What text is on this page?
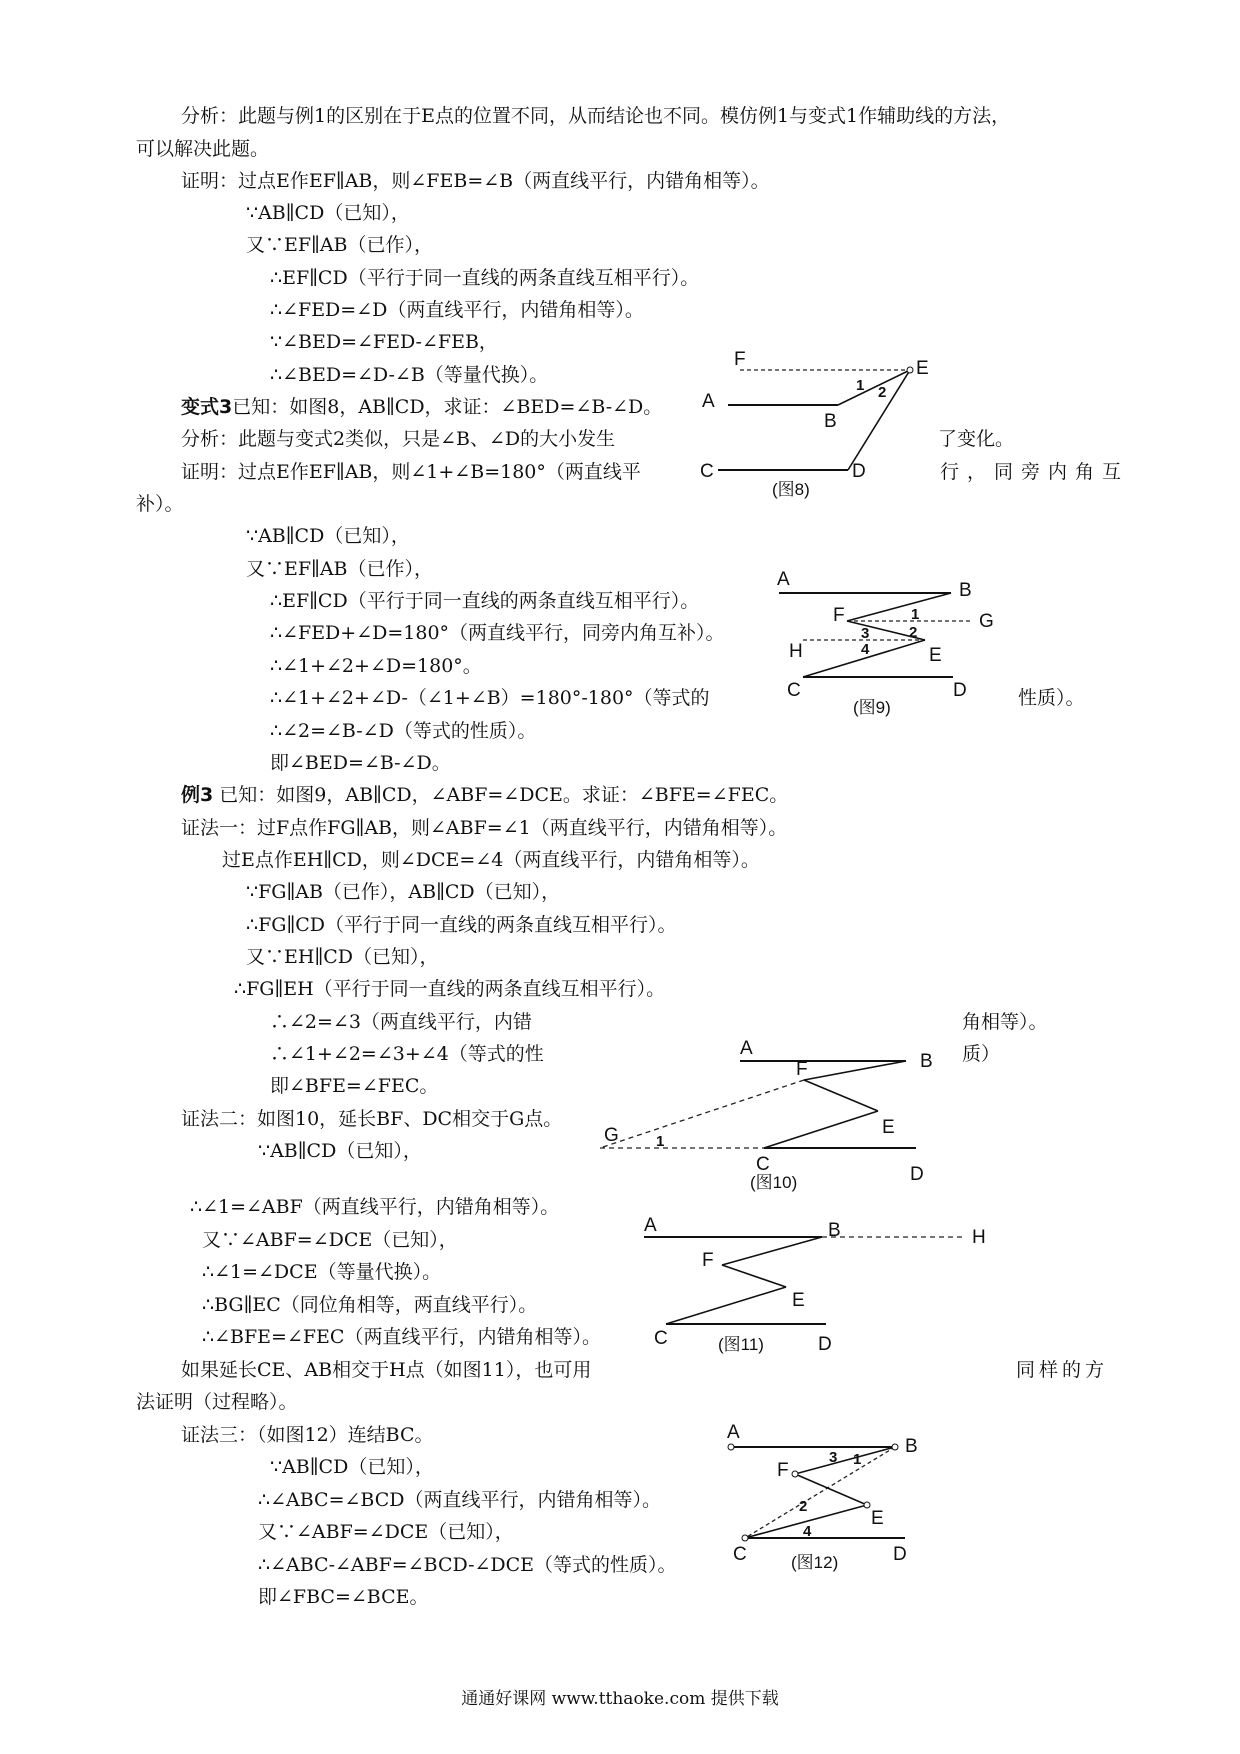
分析：此题与例1的区别在于E点的位置不同，从而结论也不同。模仿例1与变式1作辅助线的方法，
可以解决此题。
证明：过点E作EF∥AB，则∠FEB=∠B（两直线平行，内错角相等）。
∵AB∥CD（已知），
又∵EF∥AB（已作），
∴EF∥CD（平行于同一直线的两条直线互相平行）。
∴∠FED=∠D（两直线平行，内错角相等）。
∵∠BED=∠FED-∠FEB，
∴∠BED=∠D-∠B（等量代换）。
变式3已知：如图8，AB∥CD，求证：∠BED=∠B-∠D。
分析：此题与变式2类似，只是∠B、∠D的大小发生	了变化。
证明：过点E作EF∥AB，则∠1+∠B=180°（两直线平	行，同旁内角互
补）。
∵AB∥CD（已知），
又∵EF∥AB（已作），
∴EF∥CD（平行于同一直线的两条直线互相平行）。
∴∠FED+∠D=180°（两直线平行，同旁内角互补）。
∴∠1+∠2+∠D=180°。
∴∠1+∠2+∠D-（∠1+∠B）=180°-180°（等式的	性质）。
∴∠2=∠B-∠D（等式的性质）。
即∠BED=∠B-∠D。
例3 已知：如图9，AB∥CD，∠ABF=∠DCE。求证：∠BFE=∠FEC。
证法一：过F点作FG∥AB，则∠ABF=∠1（两直线平行，内错角相等）。
过E点作EH∥CD，则∠DCE=∠4（两直线平行，内错角相等）。
∵FG∥AB（已作），AB∥CD（已知），
∴FG∥CD（平行于同一直线的两条直线互相平行）。
又∵EH∥CD（已知），
∴FG∥EH（平行于同一直线的两条直线互相平行）。
∴∠2=∠3（两直线平行，内错	角相等）。
∴∠1+∠2=∠3+∠4（等式的性	质）
即∠BFE=∠FEC。
证法二：如图10，延长BF、DC相交于G点。
∵AB∥CD（已知），
∴∠1=∠ABF（两直线平行，内错角相等）。
又∵∠ABF=∠DCE（已知），
∴∠1=∠DCE（等量代换）。
∴BG∥EC（同位角相等，两直线平行）。
∴∠BFE=∠FEC（两直线平行，内错角相等）。
如果延长CE、AB相交于H点（如图11），也可用	同样的方
法证明（过程略）。
证法三：（如图12）连结BC。
∵AB∥CD（已知），
∴∠ABC=∠BCD（两直线平行，内错角相等）。
又∵∠ABF=∠DCE（已知），
∴∠ABC-∠ABF=∠BCD-∠DCE（等式的性质）。
即∠FBC=∠BCE。
F	E
A
B
C	D
1 2
(图8)
A
B
F	G
H	E
C	D
1
2
3
4
(图9)
A
B
F
E
G
C	D
1
(图10)
A	B	H
F
E
C	D
(图11)
A
B
F
E
C	D
1
2
3
4
(图12)
通通好课网 www.tthaoke.com 提供下载
